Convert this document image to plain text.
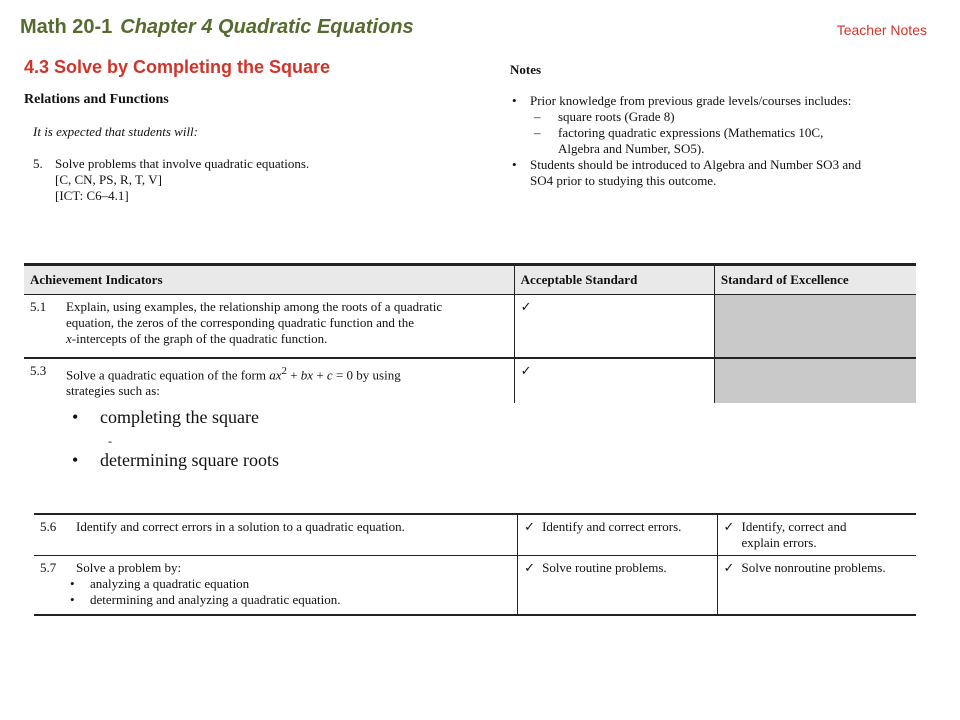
Math 20-1 Chapter 4 Quadratic Equations	Teacher Notes
4.3 Solve by Completing the Square
Relations and Functions
It is expected that students will:
5. Solve problems that involve quadratic equations.
[C, CN, PS, R, T, V]
[ICT: C6–4.1]
Notes
• Prior knowledge from previous grade levels/courses includes:
– square roots (Grade 8)
– factoring quadratic expressions (Mathematics 10C,
Algebra and Number, SO5).
• Students should be introduced to Algebra and Number SO3 and
SO4 prior to studying this outcome.
Achievement Indicators	Acceptable Standard	Standard of Excellence
5.1 Explain, using examples, the relationship among the roots of a quadratic
equation, the zeros of the corresponding quadratic function and the
x-intercepts of the graph of the quadratic function.	✓	
5.3 Solve a quadratic equation of the form $ax^2$ + bx + c = 0 by using
strategies such as:	✓	
• completing the square
-
• determining square roots
5.6 Identify and correct errors in a solution to a quadratic equation.	✓ Identify and correct errors.	✓ Identify, correct and
explain errors.

5.7 Solve a problem by:
• analyzing a quadratic equation
• determining and analyzing a quadratic equation.	✓ Solve routine problems.	✓ Solve nonroutine problems.
